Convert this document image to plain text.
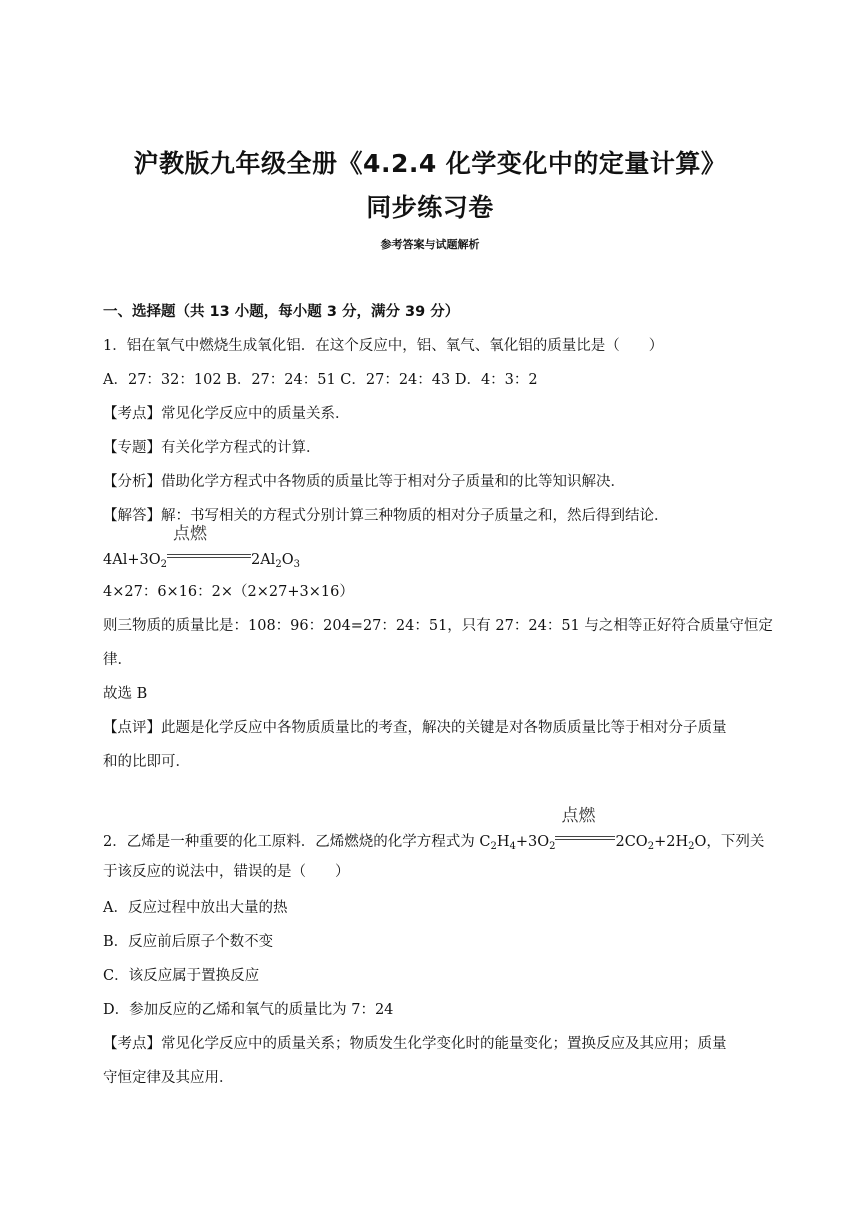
沪教版九年级全册《4.2.4 化学变化中的定量计算》
同步练习卷
参考答案与试题解析
一、选择题（共 13 小题，每小题 3 分，满分 39 分）
1．铝在氧气中燃烧生成氧化铝．在这个反应中，铝、氧气、氧化铝的质量比是（　　）
A．27：32：102 B．27：24：51 C．27：24：43 D．4：3：2
【考点】常见化学反应中的质量关系．
【专题】有关化学方程式的计算．
【分析】借助化学方程式中各物质的质量比等于相对分子质量和的比等知识解决．
【解答】解：书写相关的方程式分别计算三种物质的相对分子质量之和，然后得到结论．
$4Al+3O_2$
点燃
$2Al_2O_3$
4×27：6×16：2×（2×27+3×16）
则三物质的质量比是：108：96：204=27：24：51，只有 27：24：51 与之相等正好符合质量守恒定
律．
故选 B
【点评】此题是化学反应中各物质质量比的考查，解决的关键是对各物质质量比等于相对分子质量
和的比即可．
2．乙烯是一种重要的化工原料．乙烯燃烧的化学方程式为 $C_2H_4+3O_2$
点燃
$2CO_2+2H_2O$，下列关
于该反应的说法中，错误的是（　　）
A．反应过程中放出大量的热
B．反应前后原子个数不变
C．该反应属于置换反应
D．参加反应的乙烯和氧气的质量比为 7：24
【考点】常见化学反应中的质量关系；物质发生化学变化时的能量变化；置换反应及其应用；质量
守恒定律及其应用．
